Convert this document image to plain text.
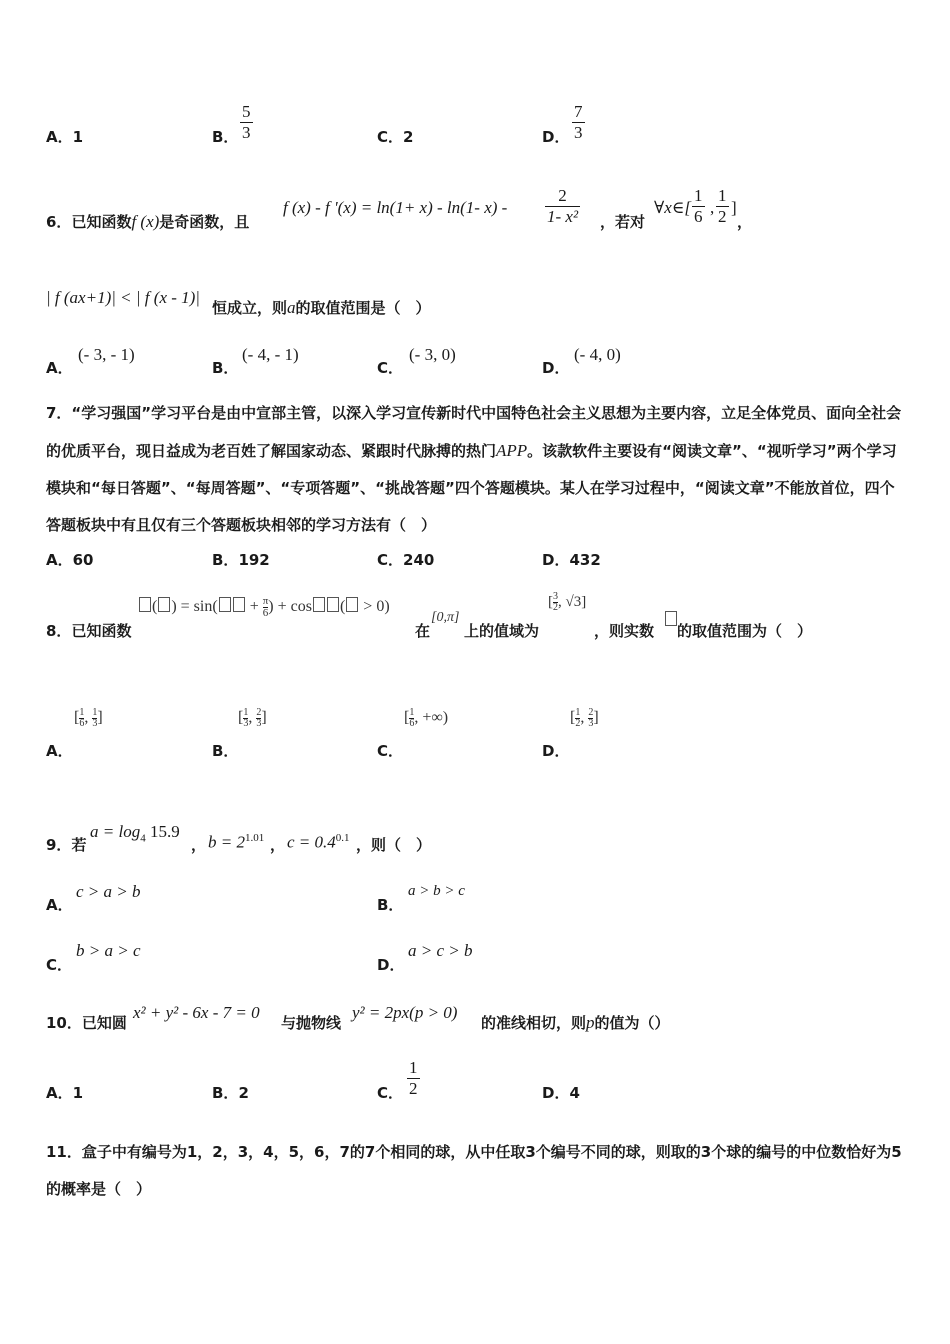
A．1	B．
5
3	C．2	D．
7
3
6．已知函数f (x)是奇函数，且
f (x) - f '(x) = ln(1+ x) - ln(1- x) -
2
1- x² ，若对
∀x∈[
1
6 ,
1
2 ]
，
| f (ax+1)| < | f (x - 1)|
恒成立，则a的取值范围是（　）
A．
(- 3, - 1)
B．
(- 4, - 1)
C．
(- 3, 0)
D．
(- 4, 0)
7．“学习强国”学习平台是由中宣部主管，以深入学习宣传新时代中国特色社会主义思想为主要内容，立足全体党员、面向全社会的优质平台，现日益成为老百姓了解国家动态、紧跟时代脉搏的热门APP。该款软件主要设有“阅读文章”、“视听学习”两个学习模块和“每日答题”、“每周答题”、“专项答题”、“挑战答题”四个答题模块。某人在学习过程中，“阅读文章”不能放首位，四个答题板块中有且仅有三个答题板块相邻的学习方法有（　）
A．60	B．192	C．240	D．432
( ) = $\sin( + \frac{\pi}{6}$ ) + cos ( > 0)
8．已知函数	在
[0,π]
上的值域为
[ $\frac{3}{2}$ , √3]
，则实数 的取值范围为（　）
A．
[ $\frac{1}{6}$ , $\frac{1}{3}$ ]
B．
[ $\frac{1}{3}$ , $\frac{2}{3}$ ]
C．
[ $\frac{1}{6}$ , +∞)
D．
[ $\frac{1}{2}$ , $\frac{2}{3}$ ]
9．若
$a = \log_4 15.9$
， $b = 2^{1.01}$ ， $c = 0.4^{0.1}$ ，则（　）
A．
c > a > b
B．
a > b > c
C．
b > a > c
D．
a > c > b
10．已知圆
x² + y² - 6x - 7 = 0
与抛物线
y² = 2px(p > 0)
的准线相切，则p的值为（）
A．1	B．2	C．
1
2	D．4
11．盒子中有编号为1，2，3，4，5，6，7的7个相同的球，从中任取3个编号不同的球，则取的3个球的编号的中位数恰好为5的概率是（　）
